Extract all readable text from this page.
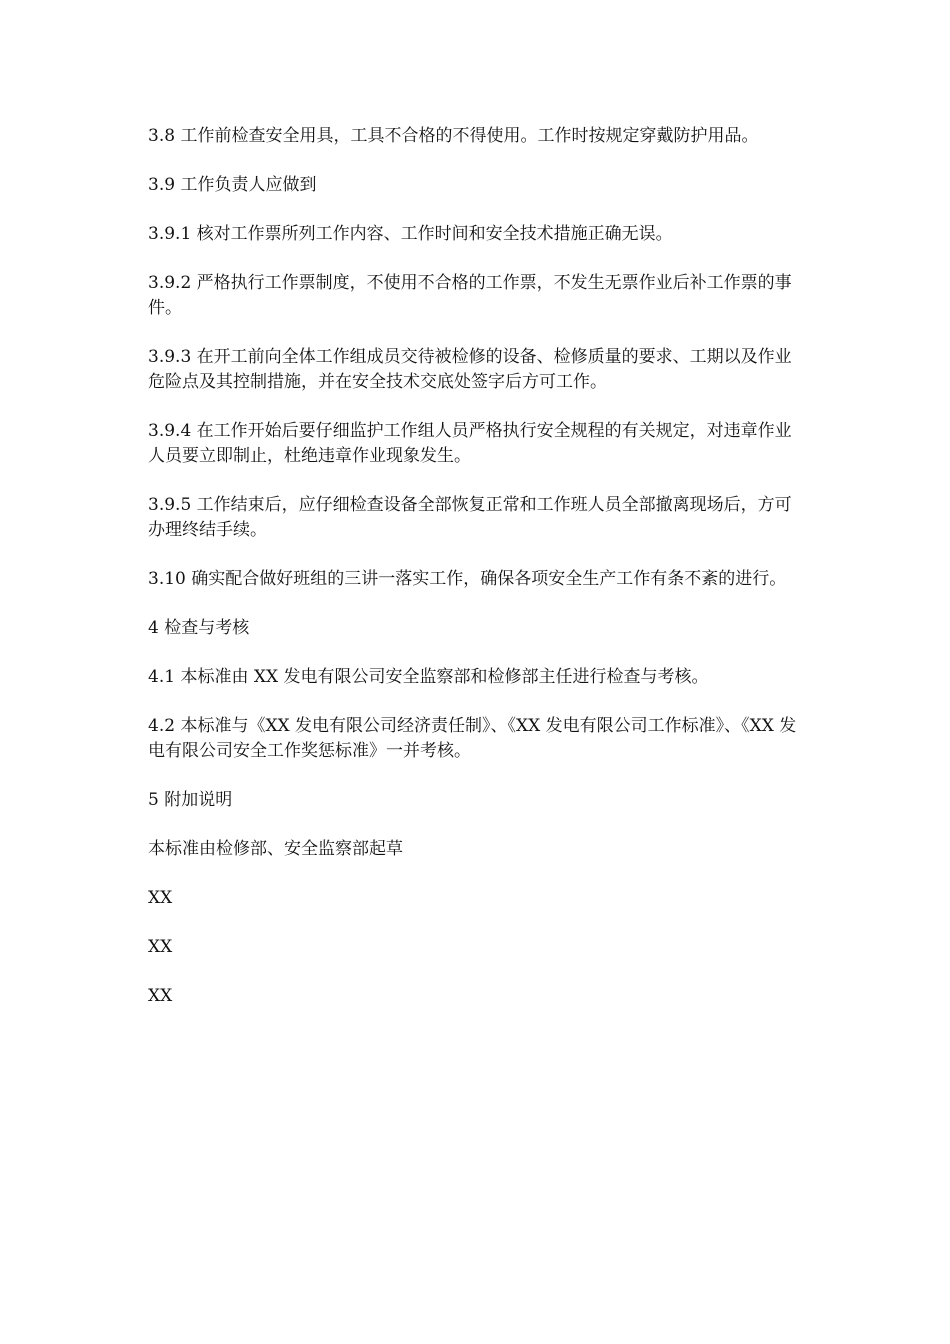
3.8 工作前检查安全用具，工具不合格的不得使用。工作时按规定穿戴防护用品。

3.9 工作负责人应做到

3.9.1 核对工作票所列工作内容、工作时间和安全技术措施正确无误。

3.9.2 严格执行工作票制度，不使用不合格的工作票，不发生无票作业后补工作票的事件。

3.9.3 在开工前向全体工作组成员交待被检修的设备、检修质量的要求、工期以及作业危险点及其控制措施，并在安全技术交底处签字后方可工作。

3.9.4 在工作开始后要仔细监护工作组人员严格执行安全规程的有关规定，对违章作业人员要立即制止，杜绝违章作业现象发生。

3.9.5 工作结束后，应仔细检查设备全部恢复正常和工作班人员全部撤离现场后，方可办理终结手续。

3.10 确实配合做好班组的三讲一落实工作，确保各项安全生产工作有条不紊的进行。

4 检查与考核

4.1 本标准由 XX 发电有限公司安全监察部和检修部主任进行检查与考核。

4.2 本标准与《XX 发电有限公司经济责任制》、《XX 发电有限公司工作标准》、《XX 发电有限公司安全工作奖惩标准》一并考核。

5 附加说明

本标准由检修部、安全监察部起草

XX

XX

XX
